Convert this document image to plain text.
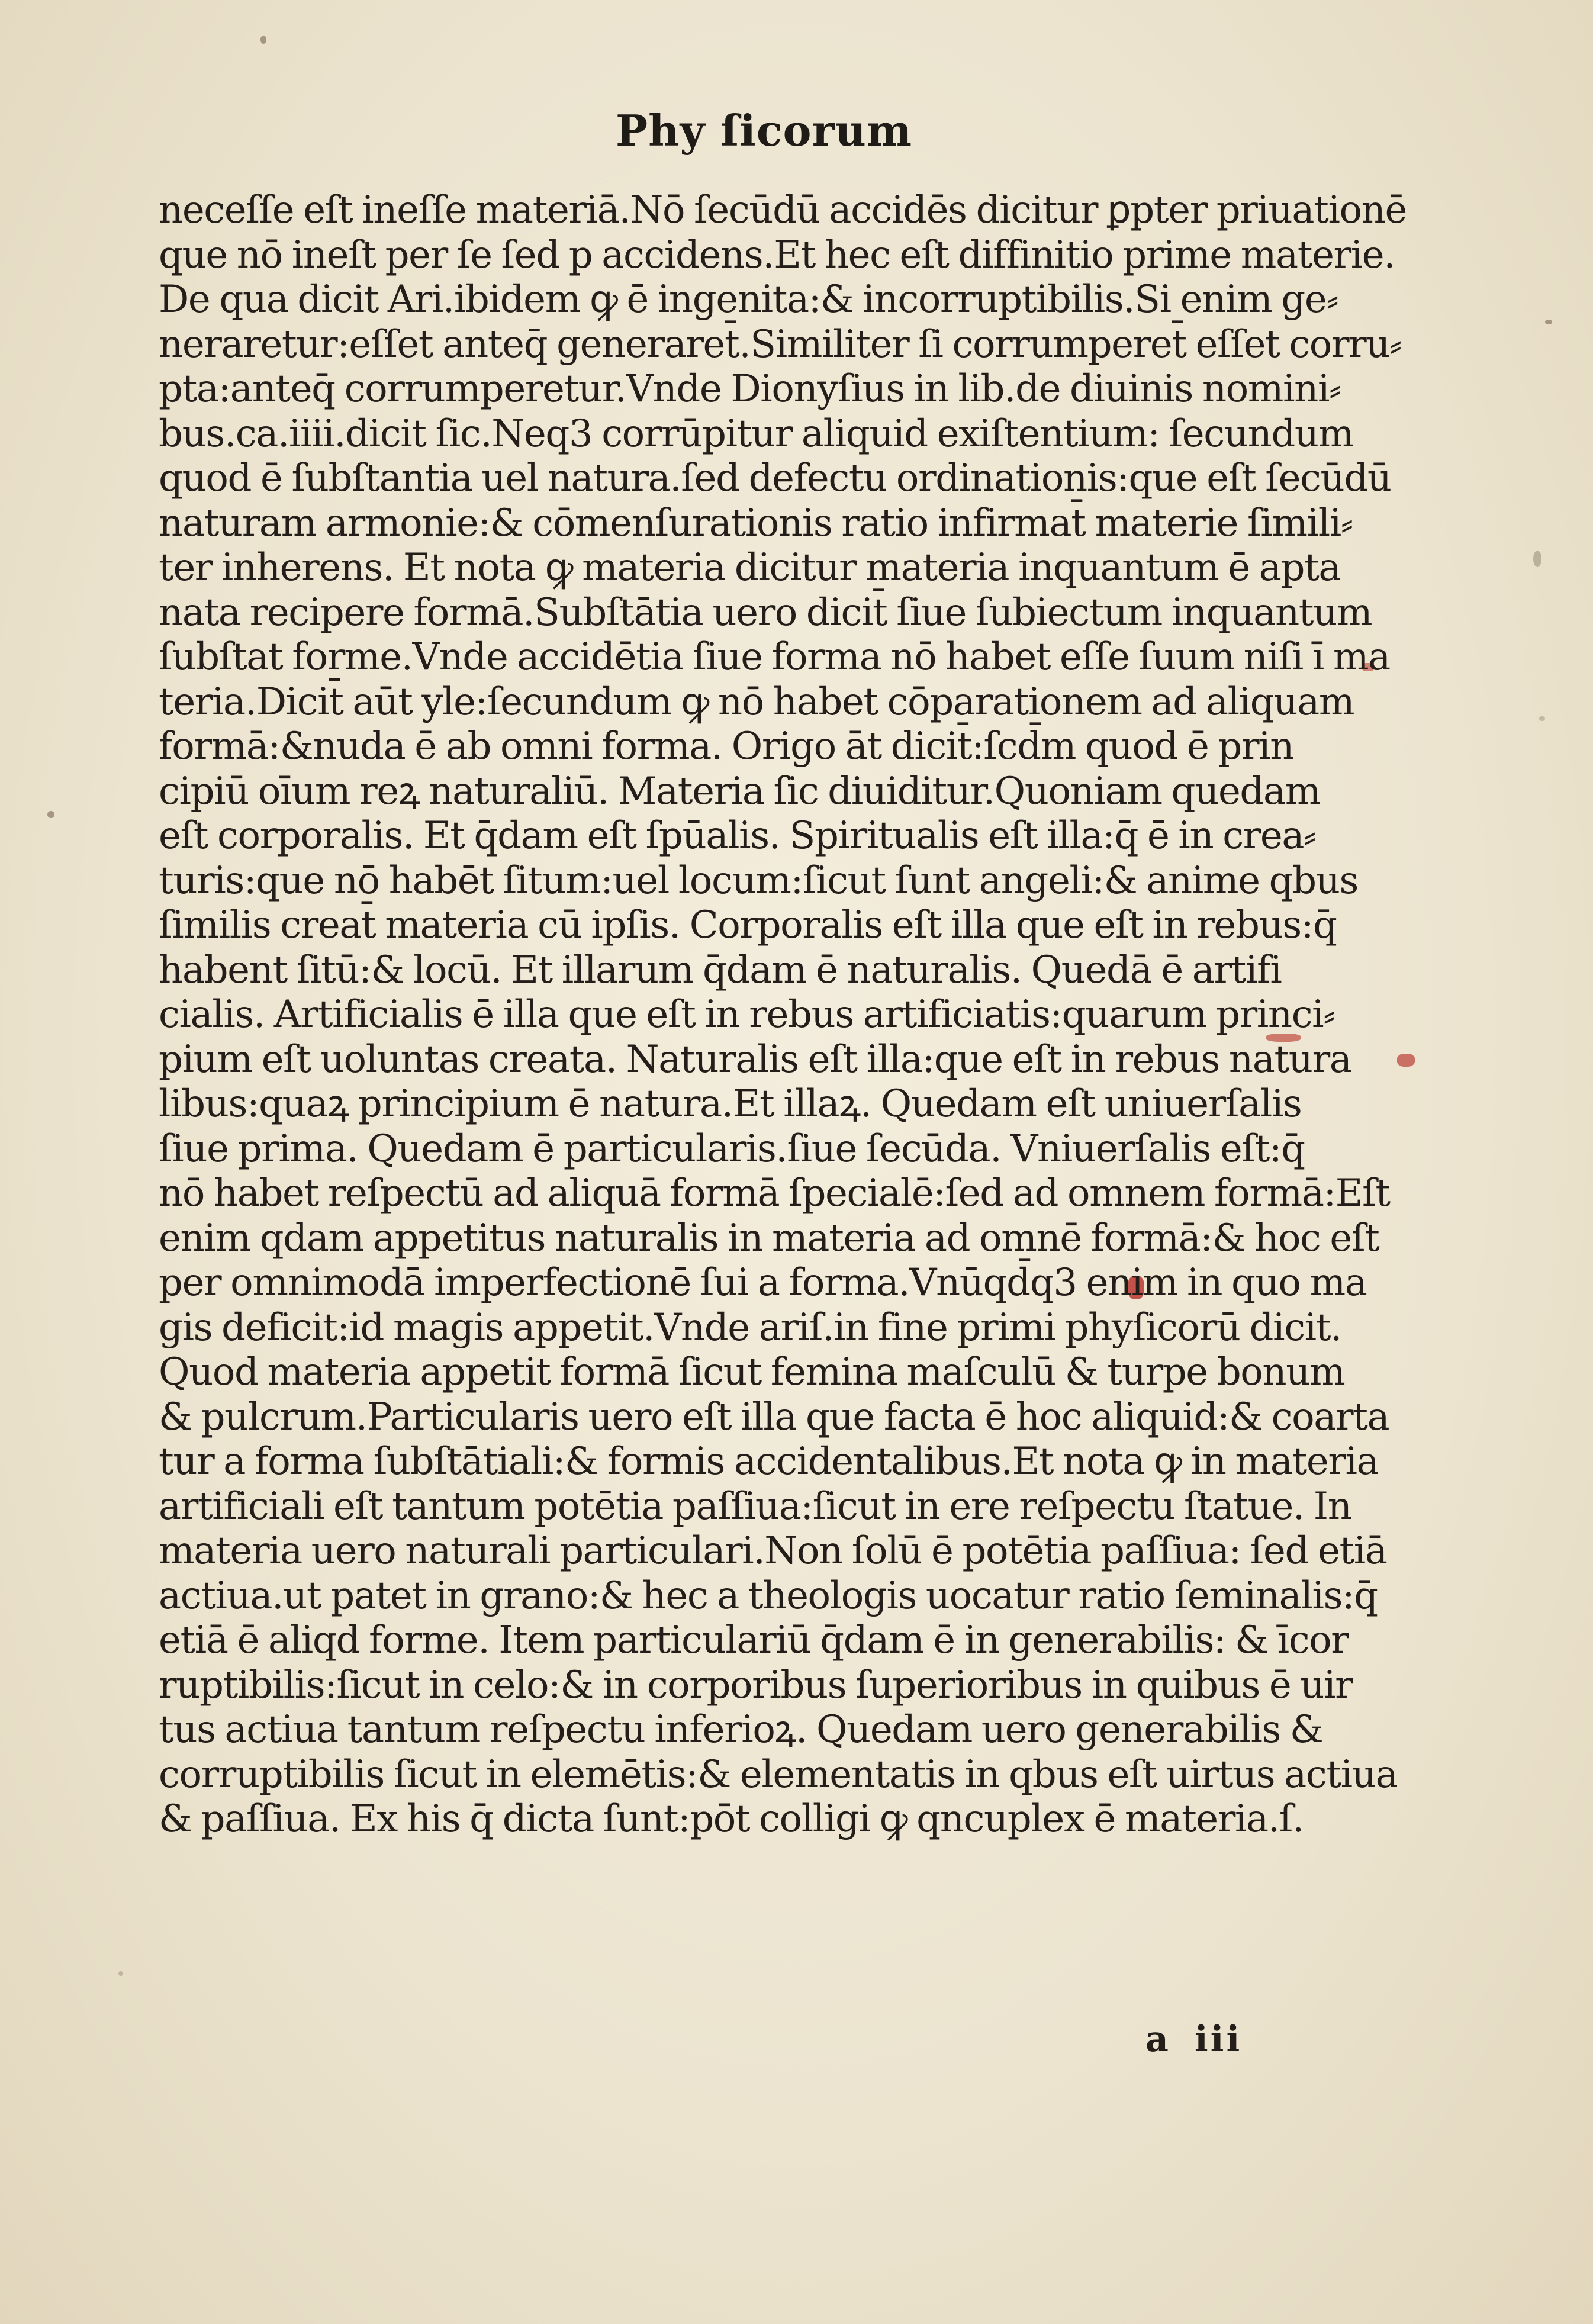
Phy ſicorum
neceſſe eſt ineſſe materiā.Nō ſecūdū accidēs dicitur ꝑpter priuationē
que nō ineſt per ſe ſed p accidens.Et hec eſt diffinitio prime materie.
De qua dicit Ari.ibidem ꝙ ē ingenita:& incorruptibilis.Si enim ge⸗
neraretur:eſſet anteq̄ generaret̄.Similiter ſi corrumperet̄ eſſet corru⸗
pta:anteq̄ corrumperetur.Vnde Dionyſius in lib.de diuinis nomini⸗
bus.ca.iiii.dicit ſic.Neq3 corrūpitur aliquid exiſtentium: ſecundum
quod ē ſubſtantia uel natura.ſed defectu ordinationis:que eſt ſecūdū
naturam armonie:& cōmenſurationis ratio infirmat̄ materie ſimili⸗
ter inherens. Et nota ꝙ materia dicitur materia inquantum ē apta
nata recipere formā.Subſtātia uero dicit̄ ſiue ſubiectum inquantum
ſubſtat forme.Vnde accidētia ſiue forma nō habet eſſe ſuum niſi ī ma
teria.Dicit̄ aūt yle:ſecundum ꝙ nō habet cōparationem ad aliquam
formā:&nuda ē ab omni forma. Origo āt dicit̄:ſcd̄m quod ē prin
cipiū oīum reꝝ naturaliū. Materia ſic diuiditur.Quoniam quedam
eſt corporalis. Et q̄dam eſt ſpūalis. Spiritualis eſt illa:q̄ ē in crea⸗
turis:que nō habēt ſitum:uel locum:ſicut ſunt angeli:& anime qbus
ſimilis creat̄ materia cū ipſis. Corporalis eſt illa que eſt in rebus:q̄
habent ſitū:& locū. Et illarum q̄dam ē naturalis. Quedā ē artifi
cialis. Artificialis ē illa que eſt in rebus artificiatis:quarum princi⸗
pium eſt uoluntas creata. Naturalis eſt illa:que eſt in rebus natura
libus:quaꝝ principium ē natura.Et illaꝝ. Quedam eſt uniuerſalis
ſiue prima. Quedam ē particularis.ſiue ſecūda. Vniuerſalis eſt:q̄
nō habet reſpectū ad aliquā formā ſpecialē:ſed ad omnem formā:Eſt
enim qdam appetitus naturalis in materia ad omnē formā:& hoc eſt
per omnimodā imperfectionē ſui a forma.Vnūqd̄q3 enim in quo ma
gis deficit:id magis appetit.Vnde ariſ.in fine primi phyſicorū dicit.
Quod materia appetit formā ſicut femina maſculū & turpe bonum
& pulcrum.Particularis uero eſt illa que facta ē hoc aliquid:& coarta
tur a forma ſubſtātiali:& formis accidentalibus.Et nota ꝙ in materia
artificiali eſt tantum potētia paſſiua:ſicut in ere reſpectu ſtatue. In
materia uero naturali particulari.Non ſolū ē potētia paſſiua: ſed etiā
actiua.ut patet in grano:& hec a theologis uocatur ratio ſeminalis:q̄
etiā ē aliqd forme. Item particulariū q̄dam ē in generabilis: & īcor
ruptibilis:ſicut in celo:& in corporibus ſuperioribus in quibus ē uir
tus actiua tantum reſpectu inferioꝝ. Quedam uero generabilis &
corruptibilis ſicut in elemētis:& elementatis in qbus eſt uirtus actiua
& paſſiua. Ex his q̄ dicta ſunt:pōt colligi ꝙ qncuplex ē materia.ſ.
a iii
